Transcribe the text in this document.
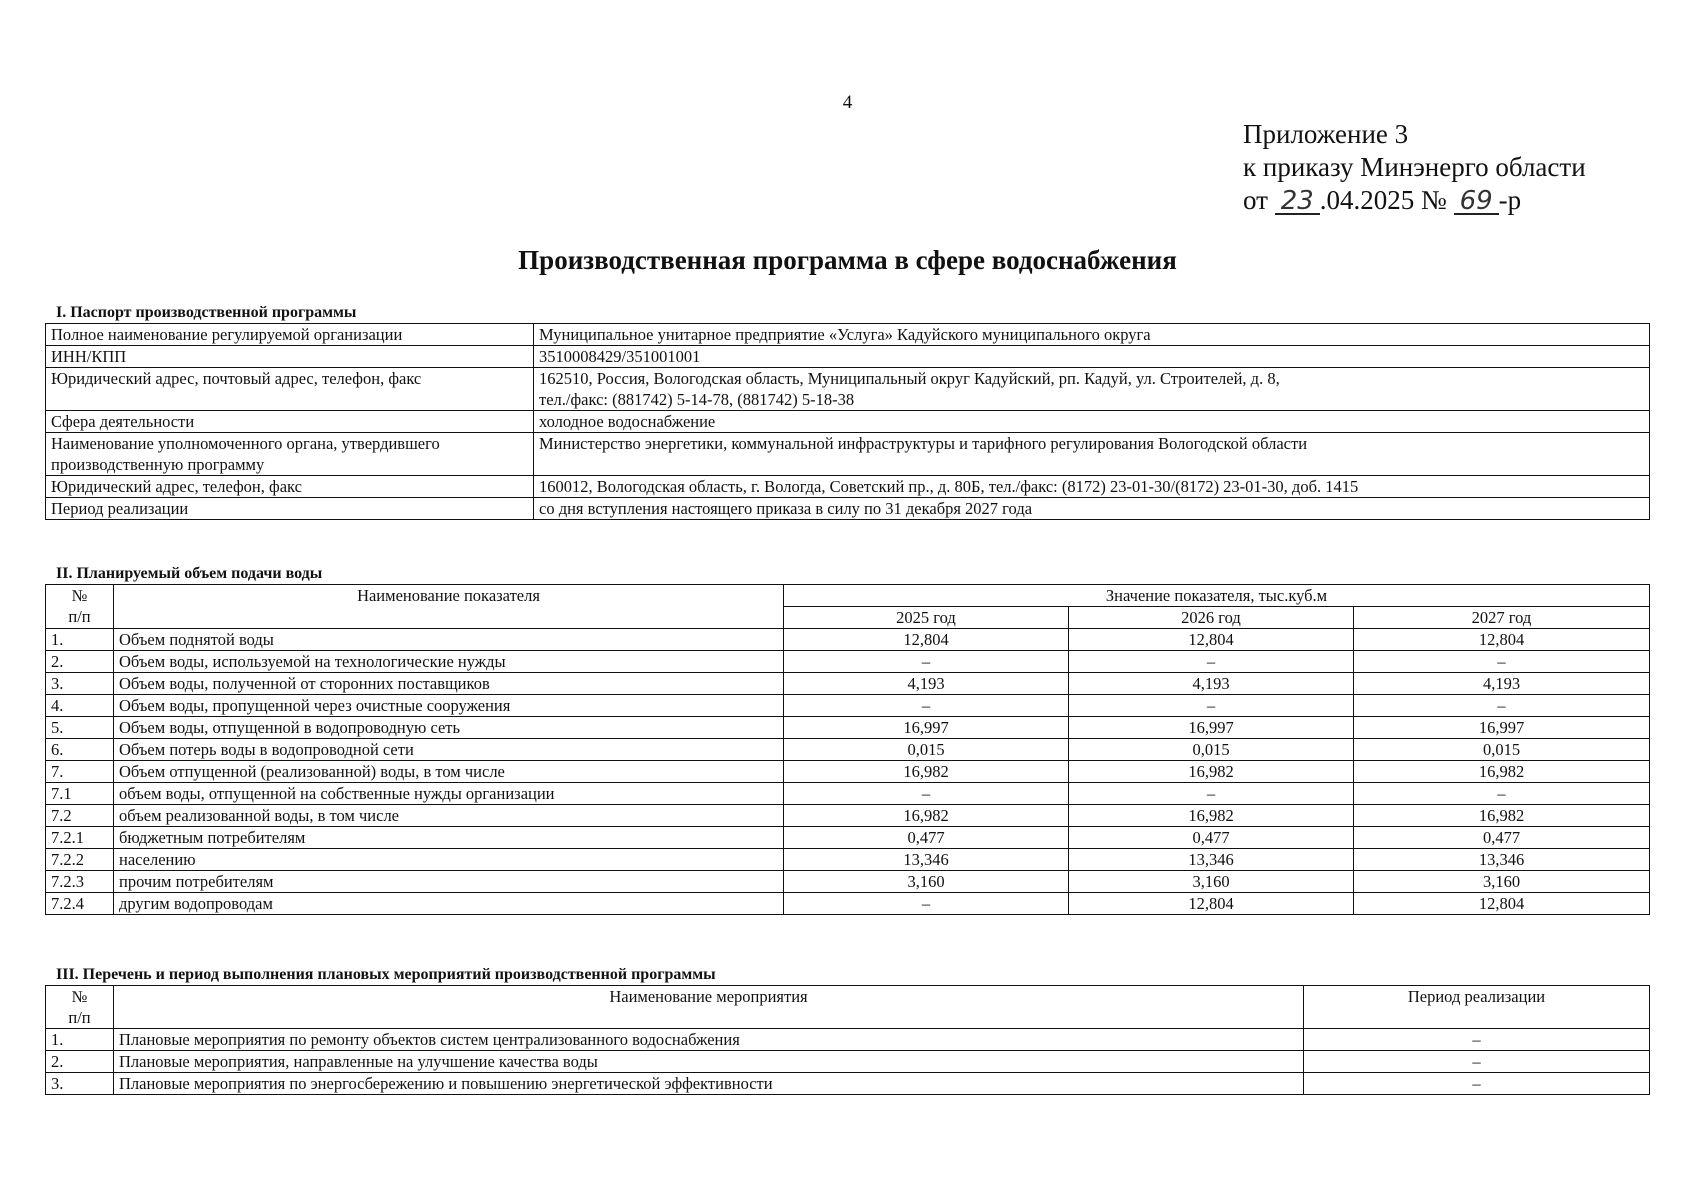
4
Приложение 3
к приказу Минэнерго области
от 23 .04.2025 № 69 -р
Производственная программа в сфере водоснабжения
I. Паспорт производственной программы
Полное наименование регулируемой организации	Муниципальное унитарное предприятие «Услуга» Кадуйского муниципального округа
ИНН/КПП	3510008429/351001001
Юридический адрес, почтовый адрес, телефон, факс	162510, Россия, Вологодская область, Муниципальный округ Кадуйский, рп. Кадуй, ул. Строителей, д. 8,
тел./факс: (881742) 5-14-78, (881742) 5-18-38

Сфера деятельности	холодное водоснабжение

Наименование уполномоченного органа, утвердившего
производственную программу	Министерство энергетики, коммунальной инфраструктуры и тарифного регулирования Вологодской области
Юридический адрес, телефон, факс	160012, Вологодская область, г. Вологда, Советский пр., д. 80Б, тел./факс: (8172) 23-01-30/(8172) 23-01-30, доб. 1415
Период реализации	со дня вступления настоящего приказа в силу по 31 декабря 2027 года
II. Планируемый объем подачи воды
№
п/п	Наименование показателя	Значение показателя, тыс.куб.м		
		2025 год	2026 год	2027 год
1.	Объем поднятой воды	12,804	12,804	12,804
2.	Объем воды, используемой на технологические нужды	–	–	–
3.	Объем воды, полученной от сторонних поставщиков	4,193	4,193	4,193
4.	Объем воды, пропущенной через очистные сооружения	–	–	–
5.	Объем воды, отпущенной в водопроводную сеть	16,997	16,997	16,997
6.	Объем потерь воды в водопроводной сети	0,015	0,015	0,015
7.	Объем отпущенной (реализованной) воды, в том числе	16,982	16,982	16,982
7.1	объем воды, отпущенной на собственные нужды организации	–	–	–
7.2	объем реализованной воды, в том числе	16,982	16,982	16,982
7.2.1	бюджетным потребителям	0,477	0,477	0,477
7.2.2	населению	13,346	13,346	13,346
7.2.3	прочим потребителям	3,160	3,160	3,160
7.2.4	другим водопроводам	–	12,804	12,804
III. Перечень и период выполнения плановых мероприятий производственной программы
№
п/п	Наименование мероприятия	Период реализации
1.	Плановые мероприятия по ремонту объектов систем централизованного водоснабжения	–
2.	Плановые мероприятия, направленные на улучшение качества воды	–
3.	Плановые мероприятия по энергосбережению и повышению энергетической эффективности	–
